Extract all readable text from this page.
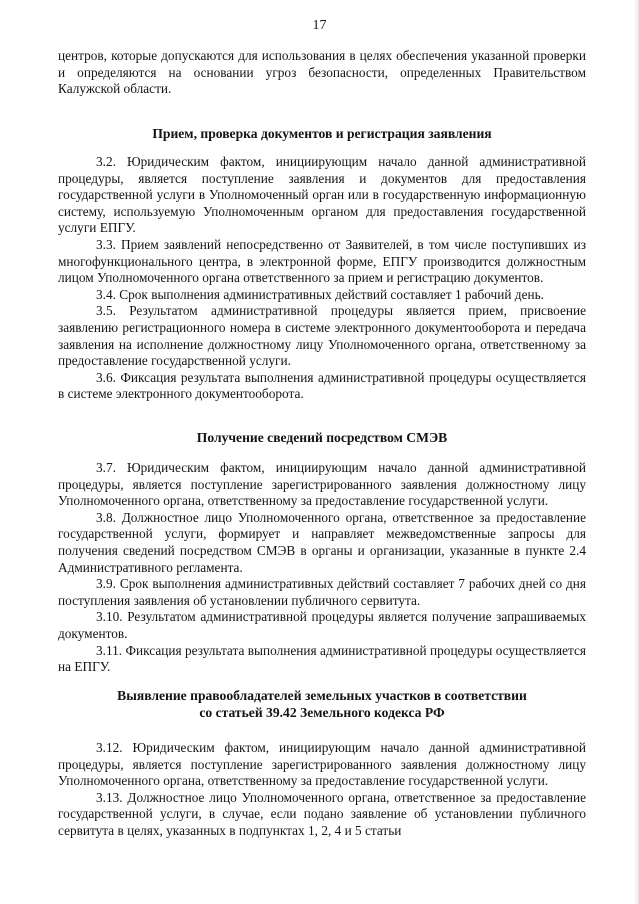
17

центров, которые допускаются для использования в целях обеспечения указанной проверки и определяются на основании угроз безопасности, определенных Правительством Калужской области.

Прием, проверка документов и регистрация заявления

3.2. Юридическим фактом, инициирующим начало данной административной процедуры, является поступление заявления и документов для предоставления государственной услуги в Уполномоченный орган или в государственную информационную систему, используемую Уполномоченным органом для предоставления государственной услуги ЕПГУ.

3.3. Прием заявлений непосредственно от Заявителей, в том числе поступивших из многофункционального центра, в электронной форме, ЕПГУ производится должностным лицом Уполномоченного органа ответственного за прием и регистрацию документов.

3.4. Срок выполнения административных действий составляет 1 рабочий день.

3.5. Результатом административной процедуры является прием, присвоение заявлению регистрационного номера в системе электронного документооборота и передача заявления на исполнение должностному лицу Уполномоченного органа, ответственному за предоставление государственной услуги.

3.6. Фиксация результата выполнения административной процедуры осуществляется в системе электронного документооборота.

Получение сведений посредством СМЭВ

3.7. Юридическим фактом, инициирующим начало данной административной процедуры, является поступление зарегистрированного заявления должностному лицу Уполномоченного органа, ответственному за предоставление государственной услуги.

3.8. Должностное лицо Уполномоченного органа, ответственное за предоставление государственной услуги, формирует и направляет межведомственные запросы для получения сведений посредством СМЭВ в органы и организации, указанные в пункте 2.4 Административного регламента.

3.9. Срок выполнения административных действий составляет 7 рабочих дней со дня поступления заявления об установлении публичного сервитута.

3.10. Результатом административной процедуры является получение запрашиваемых документов.

3.11. Фиксация результата выполнения административной процедуры осуществляется на ЕПГУ.

Выявление правообладателей земельных участков в соответствии
со статьей 39.42 Земельного кодекса РФ

3.12. Юридическим фактом, инициирующим начало данной административной процедуры, является поступление зарегистрированного заявления должностному лицу Уполномоченного органа, ответственному за предоставление государственной услуги.

3.13. Должностное лицо Уполномоченного органа, ответственное за предоставление государственной услуги, в случае, если подано заявление об установлении публичного сервитута в целях, указанных в подпунктах 1, 2, 4 и 5 статьи
